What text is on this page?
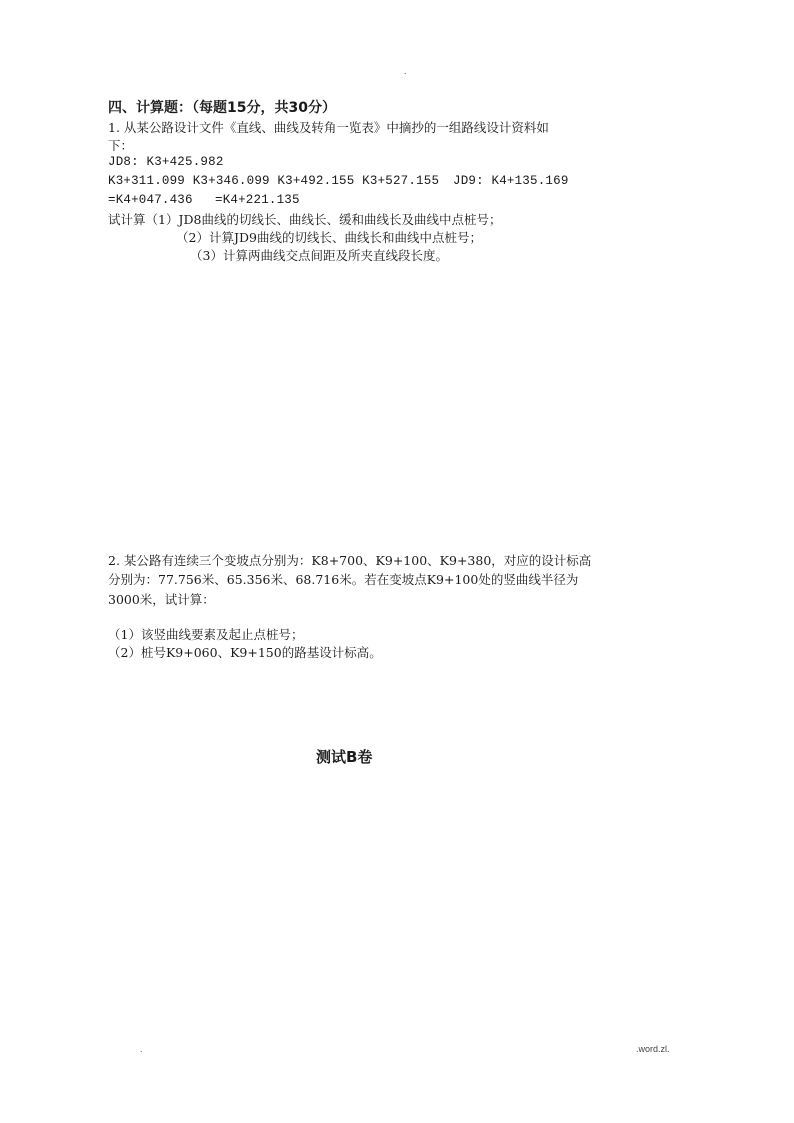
.
四、计算题：（每题15分，共30分）
1. 从某公路设计文件《直线、曲线及转角一览表》中摘抄的一组路线设计资料如
下：
JD8: K3+425.982
K3+311.099 K3+346.099 K3+492.155 K3+527.155 JD9: K4+135.169
=K4+047.436 =K4+221.135
试计算（1）JD8曲线的切线长、曲线长、缓和曲线长及曲线中点桩号；
（2）计算JD9曲线的切线长、曲线长和曲线中点桩号；
（3）计算两曲线交点间距及所夹直线段长度。
2. 某公路有连续三个变坡点分别为：K8+700、K9+100、K9+380，对应的设计标高
分别为：77.756米、65.356米、68.716米。若在变坡点K9+100处的竖曲线半径为
3000米，试计算：
（1）该竖曲线要素及起止点桩号；
（2）桩号K9+060、K9+150的路基设计标高。
测试B卷
.	.word.zl.
